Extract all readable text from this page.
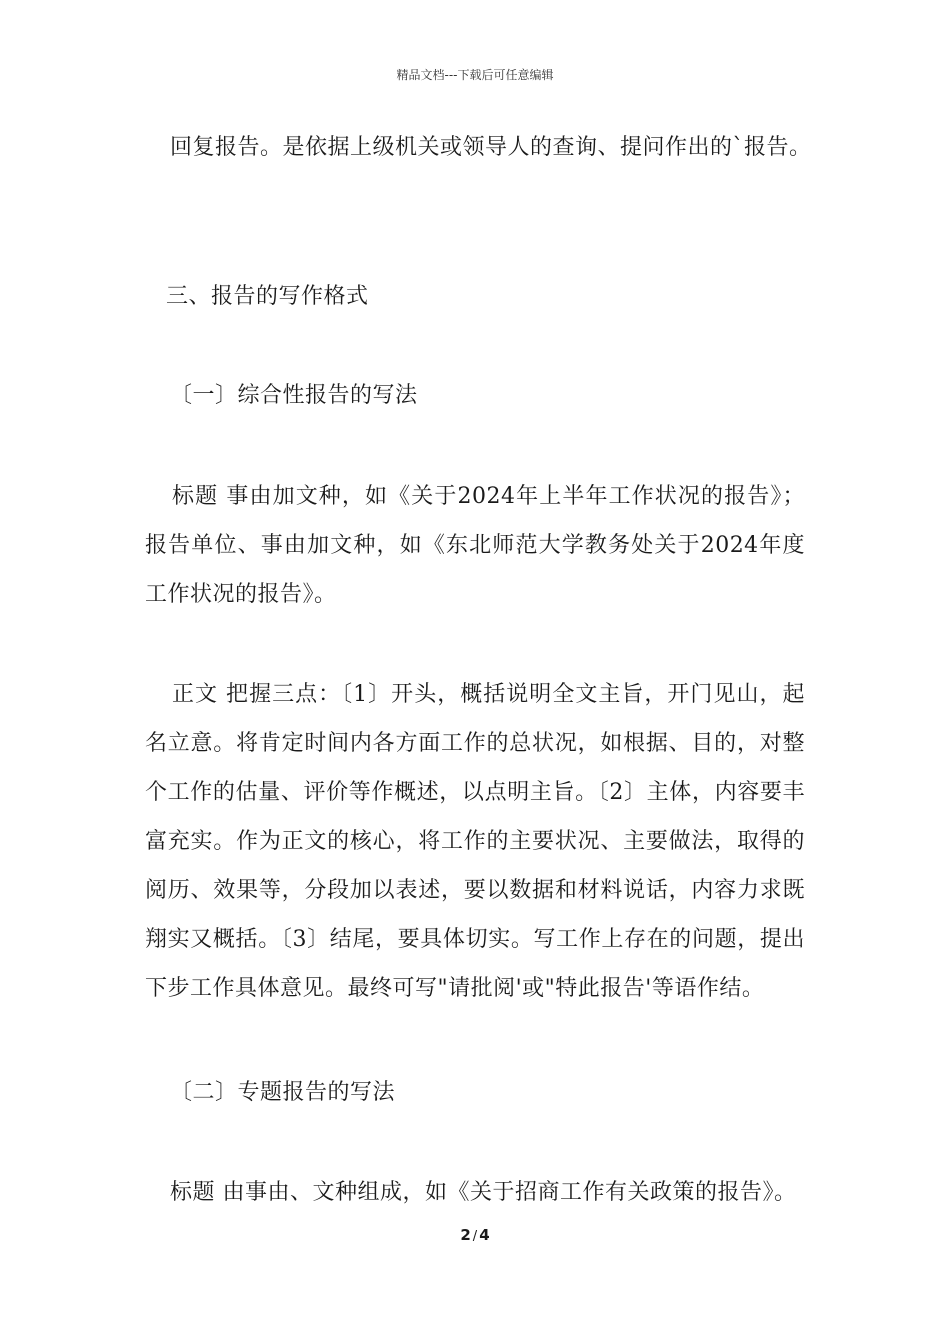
精品文档---下载后可任意编辑
回复报告。是依据上级机关或领导人的查询、提问作出的`报告。
三、报告的写作格式
〔一〕综合性报告的写法
标题 事由加文种，如《关于2024年上半年工作状况的报告》；报告单位、事由加文种，如《东北师范大学教务处关于2024年度工作状况的报告》。
正文 把握三点：〔1〕开头，概括说明全文主旨，开门见山，起名立意。将肯定时间内各方面工作的总状况，如根据、目的，对整个工作的估量、评价等作概述，以点明主旨。〔2〕主体，内容要丰富充实。作为正文的核心，将工作的主要状况、主要做法，取得的阅历、效果等，分段加以表述，要以数据和材料说话，内容力求既翔实又概括。〔3〕结尾，要具体切实。写工作上存在的问题，提出下步工作具体意见。最终可写"请批阅'或"特此报告'等语作结。
〔二〕专题报告的写法
标题 由事由、文种组成，如《关于招商工作有关政策的报告》。
2 / 4
